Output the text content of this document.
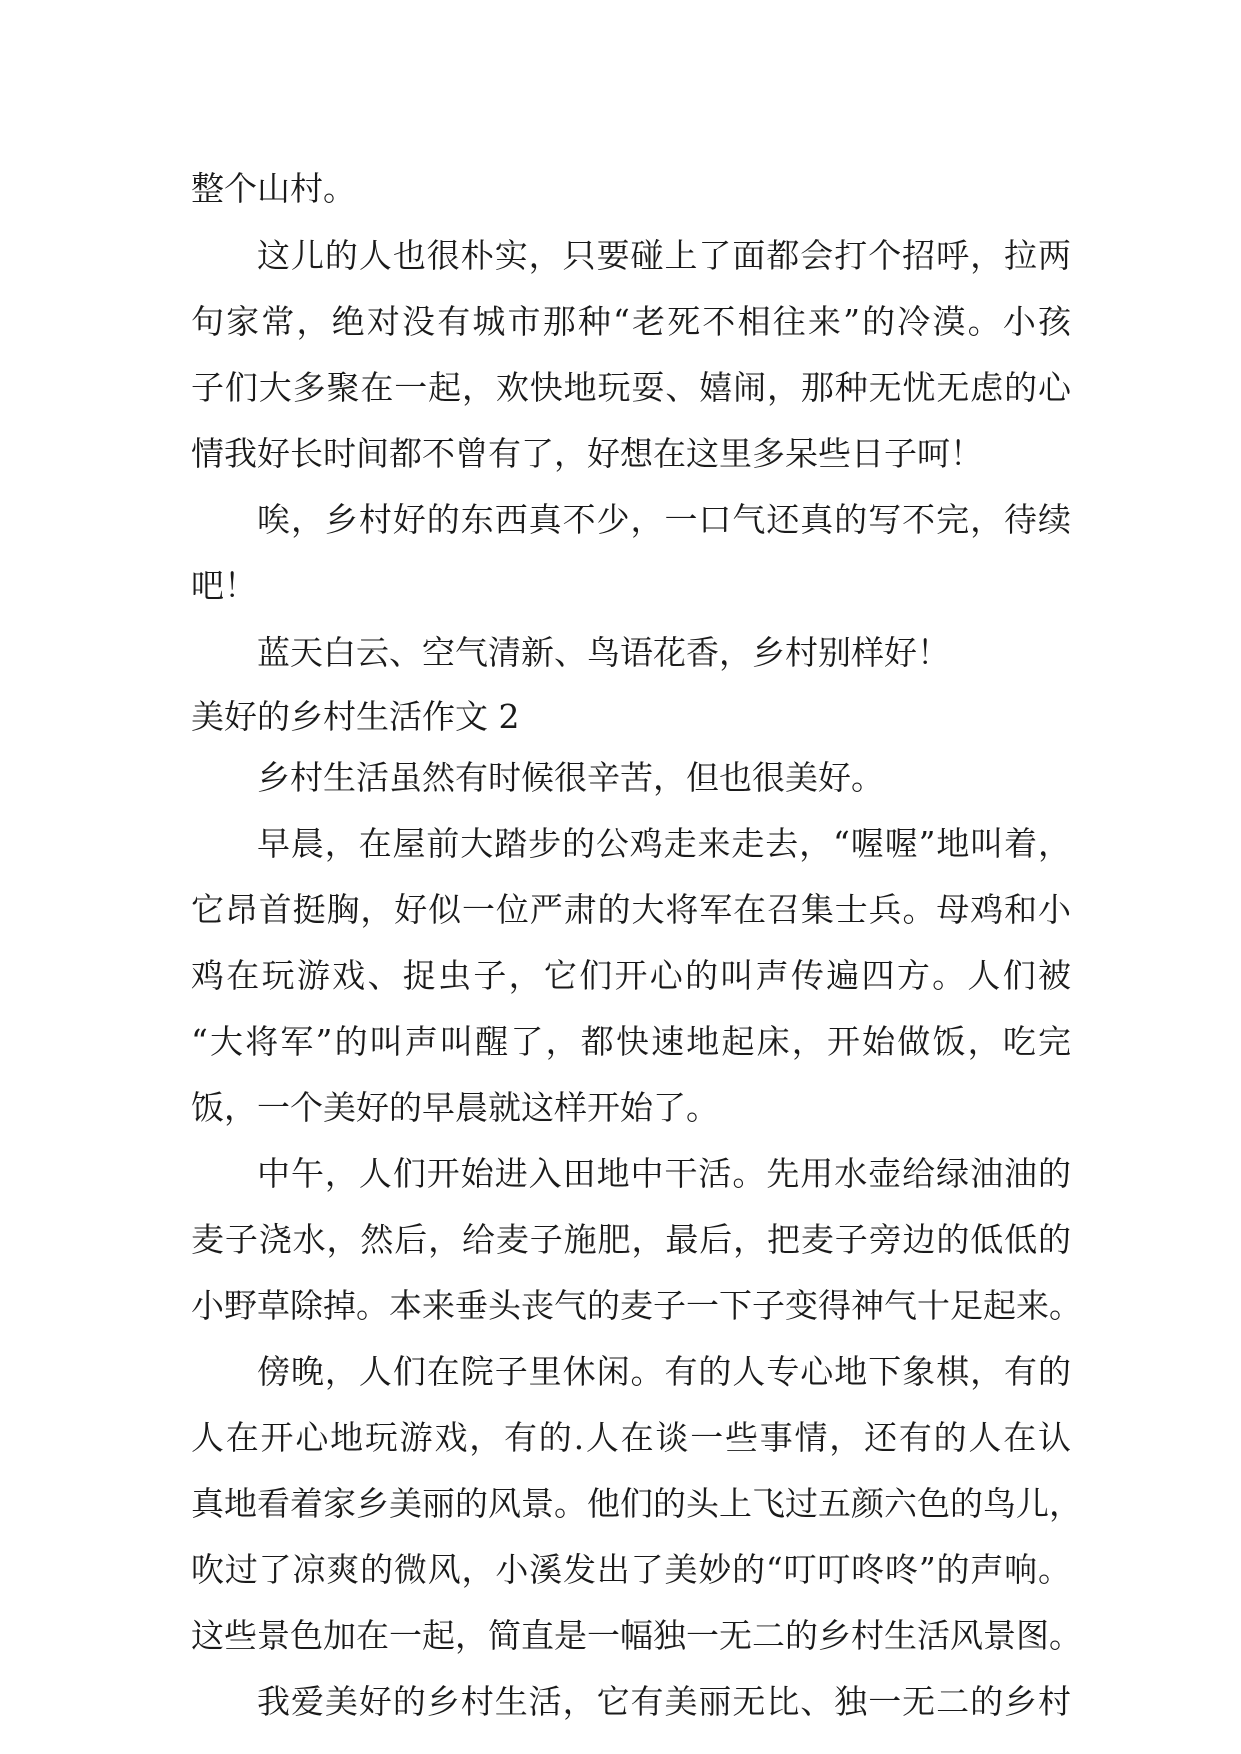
整个山村。
这儿的人也很朴实，只要碰上了面都会打个招呼，拉两
句家常，绝对没有城市那种“老死不相往来”的冷漠。小孩
子们大多聚在一起，欢快地玩耍、嬉闹，那种无忧无虑的心
情我好长时间都不曾有了，好想在这里多呆些日子呵！
唉，乡村好的东西真不少，一口气还真的写不完，待续
吧！
蓝天白云、空气清新、鸟语花香，乡村别样好！
美好的乡村生活作文 2
乡村生活虽然有时候很辛苦，但也很美好。
早晨，在屋前大踏步的公鸡走来走去，“喔喔”地叫着，
它昂首挺胸，好似一位严肃的大将军在召集士兵。母鸡和小
鸡在玩游戏、捉虫子，它们开心的叫声传遍四方。人们被
“大将军”的叫声叫醒了，都快速地起床，开始做饭，吃完
饭，一个美好的早晨就这样开始了。
中午，人们开始进入田地中干活。先用水壶给绿油油的
麦子浇水，然后，给麦子施肥，最后，把麦子旁边的低低的
小野草除掉。本来垂头丧气的麦子一下子变得神气十足起来。
傍晚，人们在院子里休闲。有的人专心地下象棋，有的
人在开心地玩游戏，有的.人在谈一些事情，还有的人在认
真地看着家乡美丽的风景。他们的头上飞过五颜六色的鸟儿，
吹过了凉爽的微风，小溪发出了美妙的“叮叮咚咚”的声响。
这些景色加在一起，简直是一幅独一无二的乡村生活风景图。
我爱美好的乡村生活，它有美丽无比、独一无二的乡村
